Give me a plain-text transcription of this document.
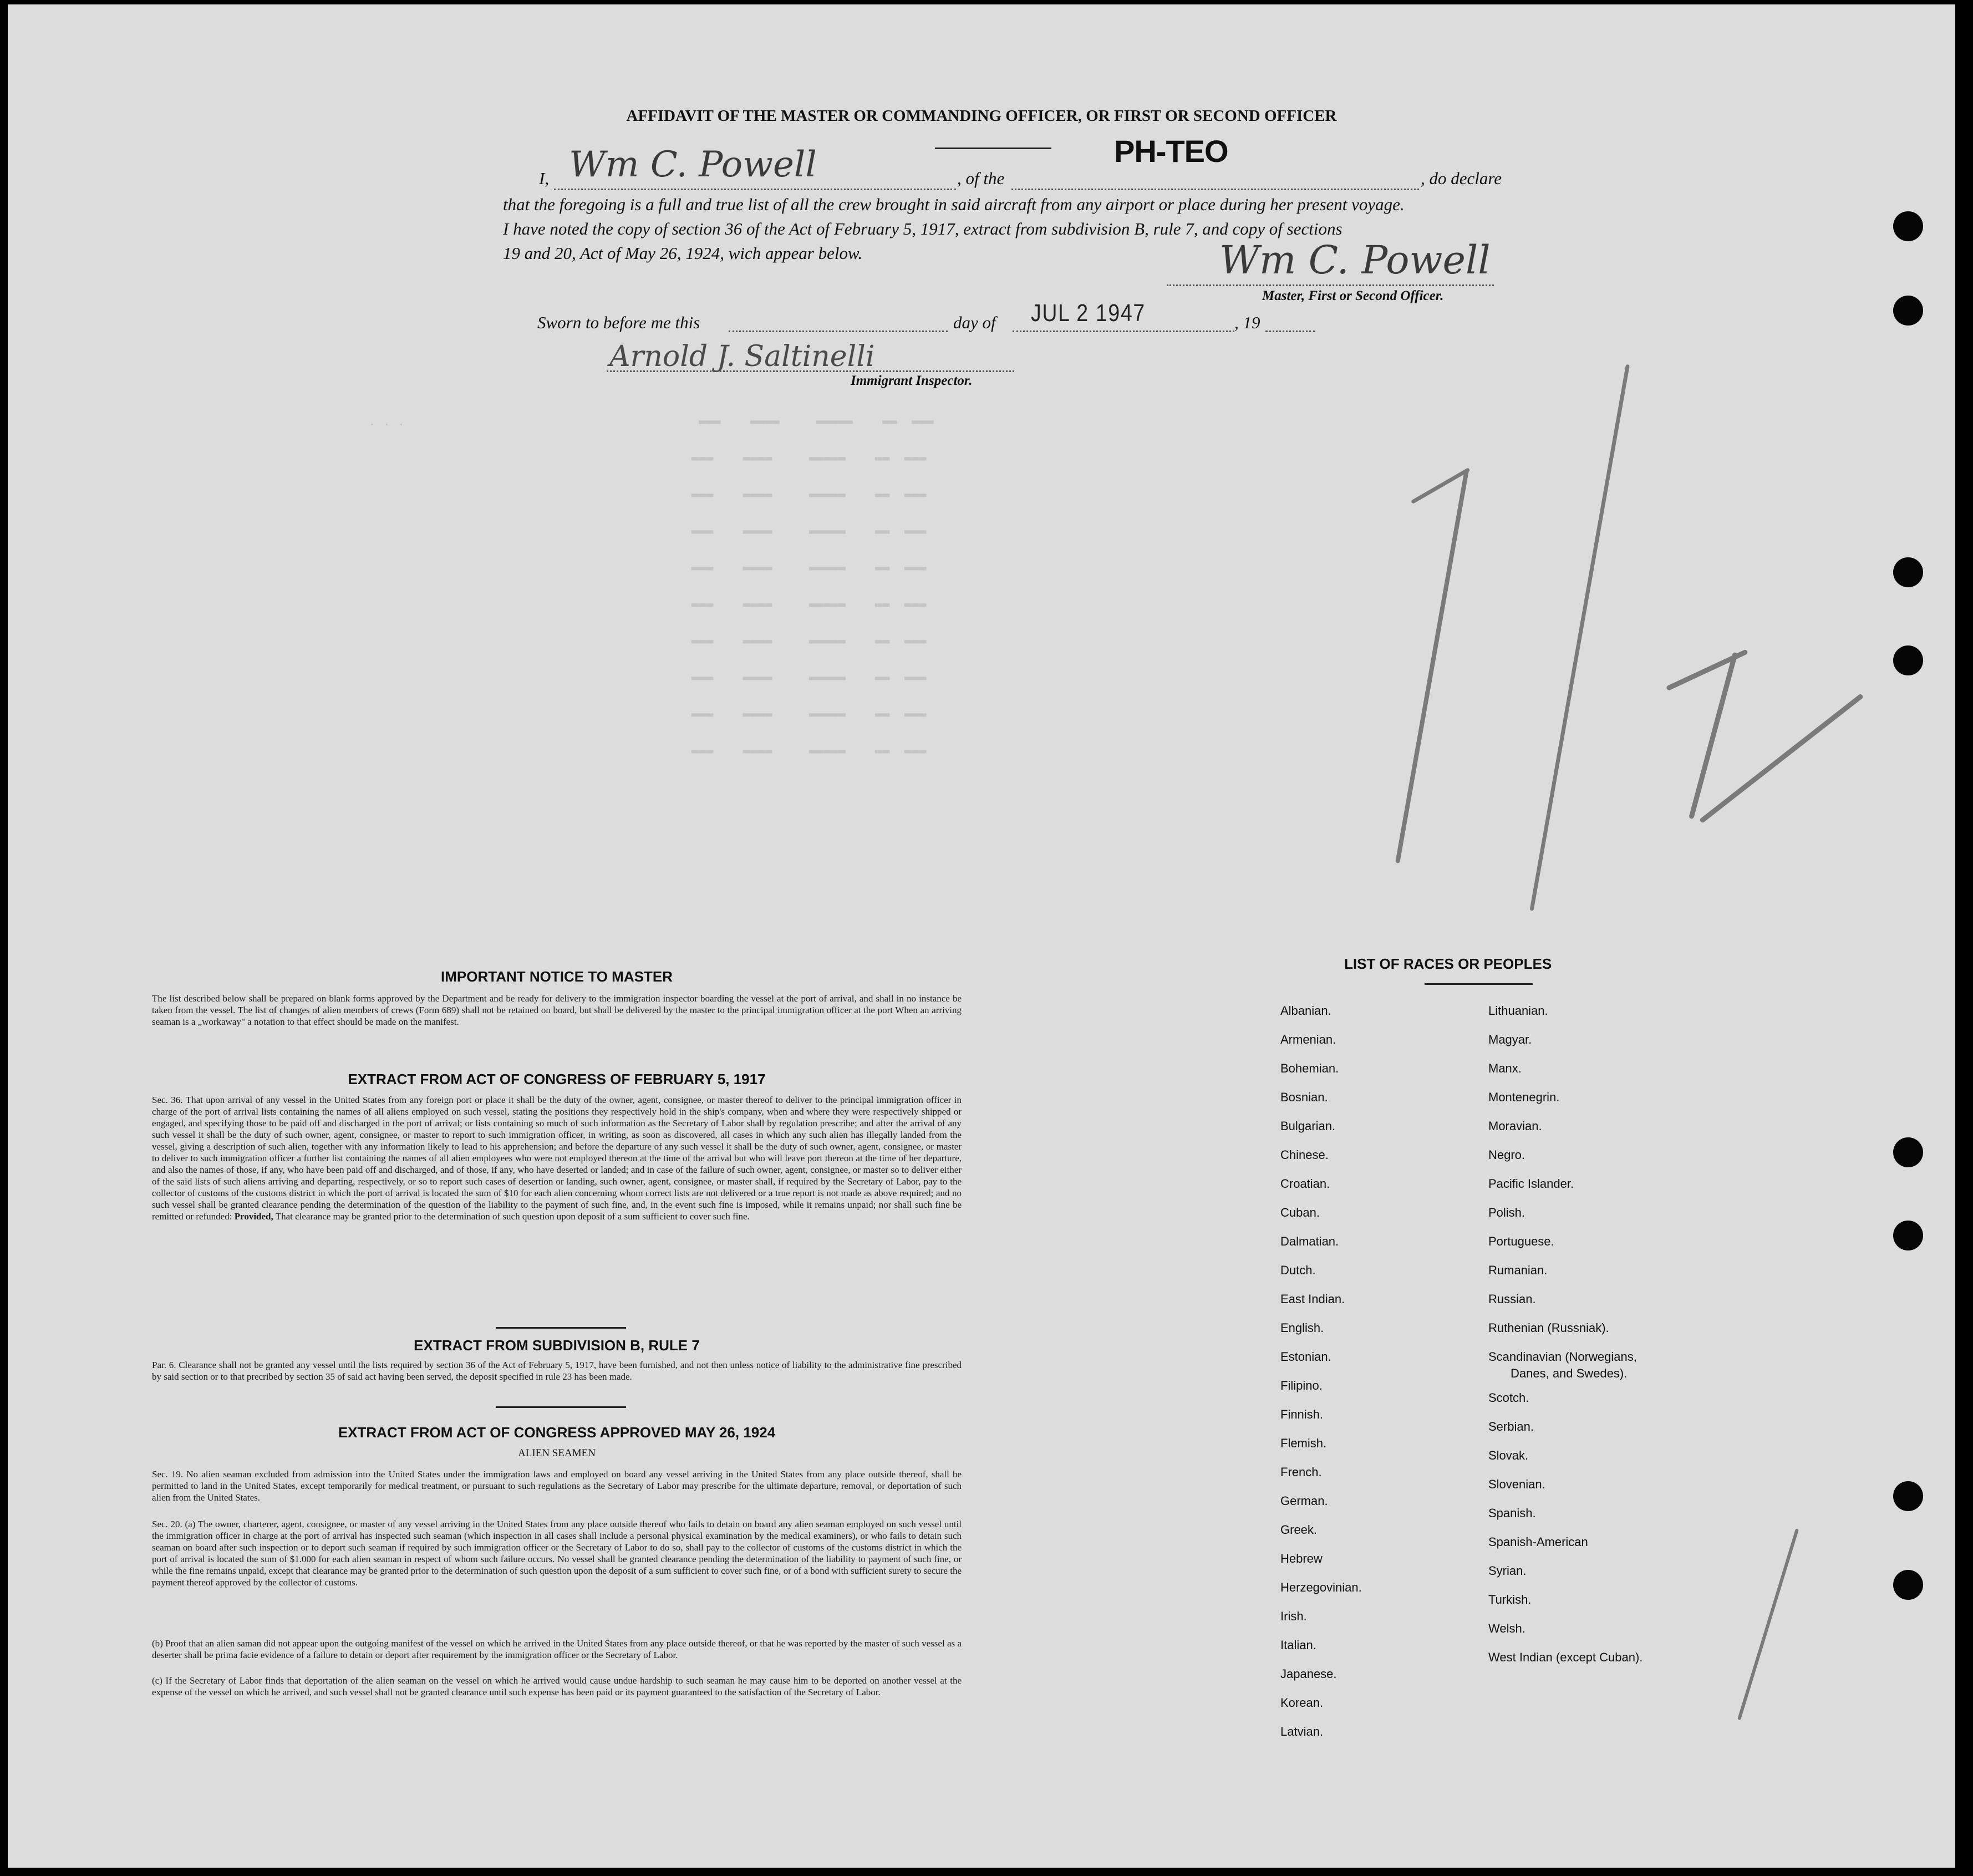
. . .                                        ▬▬▬    ▬▬▬▬     ▬▬▬▬▬    ▬▬  ▬▬▬
▬▬▬    ▬▬▬▬     ▬▬▬▬▬    ▬▬  ▬▬▬
▬▬▬    ▬▬▬▬     ▬▬▬▬▬    ▬▬  ▬▬▬
▬▬▬    ▬▬▬▬     ▬▬▬▬▬    ▬▬  ▬▬▬
▬▬▬    ▬▬▬▬     ▬▬▬▬▬    ▬▬  ▬▬▬
▬▬▬    ▬▬▬▬     ▬▬▬▬▬    ▬▬  ▬▬▬
▬▬▬    ▬▬▬▬     ▬▬▬▬▬    ▬▬  ▬▬▬
▬▬▬    ▬▬▬▬     ▬▬▬▬▬    ▬▬  ▬▬▬
▬▬▬    ▬▬▬▬     ▬▬▬▬▬    ▬▬  ▬▬▬
▬▬▬    ▬▬▬▬     ▬▬▬▬▬    ▬▬  ▬▬▬
AFFIDAVIT OF THE MASTER OR COMMANDING OFFICER, OR FIRST OR SECOND OFFICER
PH-TEO
I, Wm C. Powell	, of the	, do declare
that the foregoing is a full and true list of all the crew brought in said aircraft from any airport or place during her present voyage.
I have noted the copy of section 36 of the Act of February 5, 1917, extract from subdivision B, rule 7, and copy of sections
19 and 20, Act of May 26, 1924, wich appear below.	Wm C. Powell
Master, First or Second Officer.
Sworn to before me this	day of JUL 2 1947	, 19
Arnold J. Saltinelli
Immigrant Inspector.
IMPORTANT NOTICE TO MASTER
The list described below shall be prepared on blank forms approved by the Department and be ready for delivery to the immigration inspector boarding the vessel at the port of arrival, and shall in no instance be taken from the vessel. The list of changes of alien members of crews (Form 689) shall not be retained on board, but shall be delivered by the master to the principal immigration officer at the port When an arriving seaman is a „workaway" a notation to that effect should be made on the manifest.
EXTRACT FROM ACT OF CONGRESS OF FEBRUARY 5, 1917
Sec. 36. That upon arrival of any vessel in the United States from any foreign port or place it shall be the duty of the owner, agent, consignee, or master thereof to deliver to the principal immigration officer in charge of the port of arrival lists containing the names of all aliens employed on such vessel, stating the positions they respectively hold in the ship's company, when and where they were respectively shipped or engaged, and specifying those to be paid off and discharged in the port of arrival; or lists containing so much of such information as the Secretary of Labor shall by regulation prescribe; and after the arrival of any such vessel it shall be the duty of such owner, agent, consignee, or master to report to such immigration officer, in writing, as soon as discovered, all cases in which any such alien has illegally landed from the vessel, giving a description of such alien, together with any information likely to lead to his apprehension; and before the departure of any such vessel it shall be the duty of such owner, agent, consignee, or master to deliver to such immigration officer a further list containing the names of all alien employees who were not employed thereon at the time of the arrival but who will leave port thereon at the time of her departure, and also the names of those, if any, who have been paid off and discharged, and of those, if any, who have deserted or landed; and in case of the failure of such owner, agent, consignee, or master so to deliver either of the said lists of such aliens arriving and departing, respectively, or so to report such cases of desertion or landing, such owner, agent, consignee, or master shall, if required by the Secretary of Labor, pay to the collector of customs of the customs district in which the port of arrival is located the sum of $10 for each alien concerning whom correct lists are not delivered or a true report is not made as above required; and no such vessel shall be granted clearance pending the determination of the question of the liability to the payment of such fine, and, in the event such fine is imposed, while it remains unpaid; nor shall such fine be remitted or refunded: Provided, That clearance may be granted prior to the determination of such question upon deposit of a sum sufficient to cover such fine.
EXTRACT FROM SUBDIVISION B, RULE 7
Par. 6. Clearance shall not be granted any vessel until the lists required by section 36 of the Act of February 5, 1917, have been furnished, and not then unless notice of liability to the administrative fine prescribed by said section or to that precribed by section 35 of said act having been served, the deposit specified in rule 23 has been made.
EXTRACT FROM ACT OF CONGRESS APPROVED MAY 26, 1924
ALIEN SEAMEN
Sec. 19. No alien seaman excluded from admission into the United States under the immigration laws and employed on board any vessel arriving in the United States from any place outside thereof, shall be permitted to land in the United States, except temporarily for medical treatment, or pursuant to such regulations as the Secretary of Labor may prescribe for the ultimate departure, removal, or deportation of such alien from the United States.
Sec. 20. (a) The owner, charterer, agent, consignee, or master of any vessel arriving in the United States from any place outside thereof who fails to detain on board any alien seaman employed on such vessel until the immigration officer in charge at the port of arrival has inspected such seaman (which inspection in all cases shall include a personal physical examination by the medical examiners), or who fails to detain such seaman on board after such inspection or to deport such seaman if required by such immigration officer or the Secretary of Labor to do so, shall pay to the collector of customs of the customs district in which the port of arrival is located the sum of $1.000 for each alien seaman in respect of whom such failure occurs. No vessel shall be granted clearance pending the determination of the liability to payment of such fine, or while the fine remains unpaid, except that clearance may be granted prior to the determination of such question upon the deposit of a sum sufficient to cover such fine, or of a bond with sufficient surety to secure the payment thereof approved by the collector of customs.
(b) Proof that an alien saman did not appear upon the outgoing manifest of the vessel on which he arrived in the United States from any place outside thereof, or that he was reported by the master of such vessel as a deserter shall be prima facie evidence of a failure to detain or deport after requirement by the immigration officer or the Secretary of Labor.
(c) If the Secretary of Labor finds that deportation of the alien seaman on the vessel on which he arrived would cause undue hardship to such seaman he may cause him to be deported on another vessel at the expense of the vessel on which he arrived, and such vessel shall not be granted clearance until such expense has been paid or its payment guaranteed to the satisfaction of the Secretary of Labor.
LIST OF RACES OR PEOPLES
Albanian.
Armenian.
Bohemian.
Bosnian.
Bulgarian.
Chinese.
Croatian.
Cuban.
Dalmatian.
Dutch.
East Indian.
English.
Estonian.
Filipino.
Finnish.
Flemish.
French.
German.
Greek.
Hebrew
Herzegovinian.
Irish.
Italian.
Japanese.
Korean.
Latvian.
Lithuanian.
Magyar.
Manx.
Montenegrin.
Moravian.
Negro.
Pacific Islander.
Polish.
Portuguese.
Rumanian.
Russian.
Ruthenian (Russniak).
Scandinavian (Norwegians,
Danes, and Swedes).
Scotch.
Serbian.
Slovak.
Slovenian.
Spanish.
Spanish-American
Syrian.
Turkish.
Welsh.
West Indian (except Cuban).
